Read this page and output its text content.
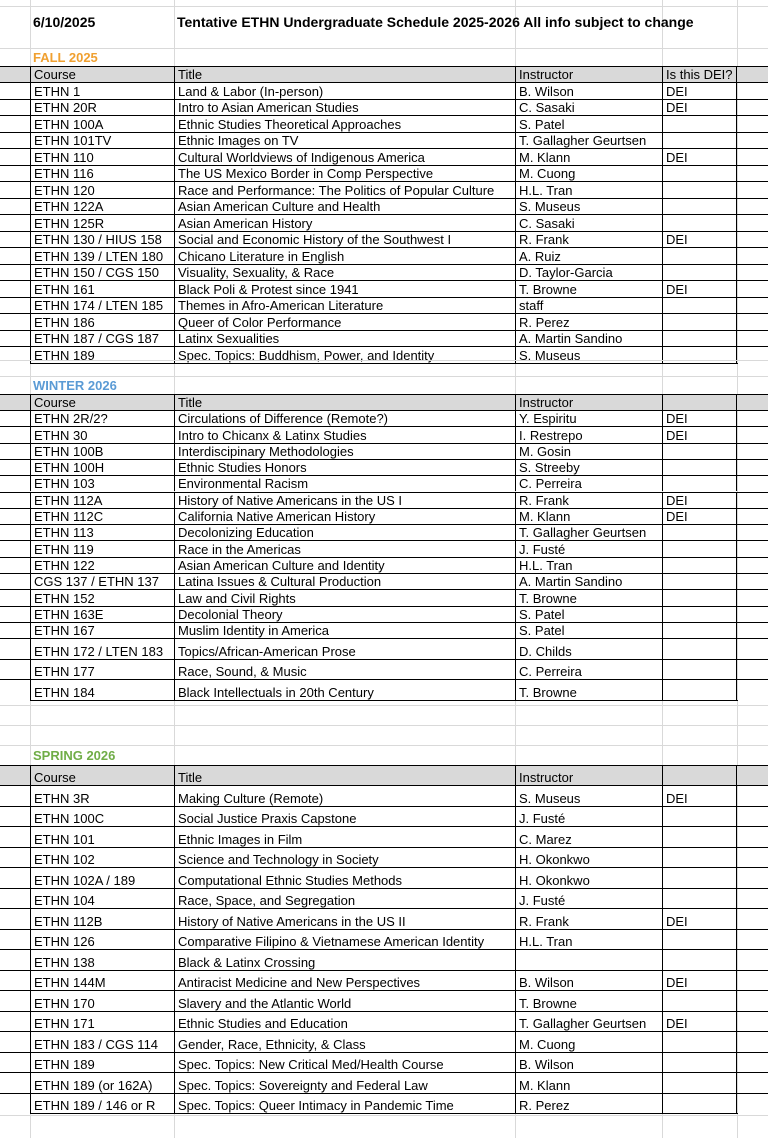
6/10/2025	Tentative ETHN Undergraduate Schedule 2025-2026 All info subject to change
FALL 2025
Course	Title	Instructor	Is this DEI?
ETHN 1	Land & Labor (In-person)	B. Wilson	DEI
ETHN 20R	Intro to Asian American Studies	C. Sasaki	DEI
ETHN 100A	Ethnic Studies Theoretical Approaches	S. Patel
ETHN 101TV	Ethnic Images on TV	T. Gallagher Geurtsen
ETHN 110	Cultural Worldviews of Indigenous America	M. Klann	DEI
ETHN 116	The US Mexico Border in Comp Perspective	M. Cuong
ETHN 120	Race and Performance: The Politics of Popular Culture	H.L. Tran
ETHN 122A	Asian American Culture and Health	S. Museus
ETHN 125R	Asian American History	C. Sasaki
ETHN 130 / HIUS 158	Social and Economic History of the Southwest I	R. Frank	DEI
ETHN 139 / LTEN 180	Chicano Literature in English	A. Ruiz
ETHN 150 / CGS 150	Visuality, Sexuality, & Race	D. Taylor-Garcia
ETHN 161	Black Poli & Protest since 1941	T. Browne	DEI
ETHN 174 / LTEN 185	Themes in Afro-American Literature	staff
ETHN 186	Queer of Color Performance	R. Perez
ETHN 187 / CGS 187	Latinx Sexualities	A. Martin Sandino
ETHN 189	Spec. Topics: Buddhism, Power, and Identity	S. Museus
WINTER 2026
Course	Title	Instructor
ETHN 2R/2?	Circulations of Difference (Remote?)	Y. Espiritu	DEI
ETHN 30	Intro to Chicanx & Latinx Studies	I. Restrepo	DEI
ETHN 100B	Interdiscipinary Methodologies	M. Gosin
ETHN 100H	Ethnic Studies Honors	S. Streeby
ETHN 103	Environmental Racism	C. Perreira
ETHN 112A	History of Native Americans in the US I	R. Frank	DEI
ETHN 112C	California Native American History	M. Klann	DEI
ETHN 113	Decolonizing Education	T. Gallagher Geurtsen
ETHN 119	Race in the Americas	J. Fusté
ETHN 122	Asian American Culture and Identity	H.L. Tran
CGS 137 / ETHN 137	Latina Issues & Cultural Production	A. Martin Sandino
ETHN 152	Law and Civil Rights	T. Browne
ETHN 163E	Decolonial Theory	S. Patel
ETHN 167	Muslim Identity in America	S. Patel
ETHN 172 / LTEN 183	Topics/African-American Prose	D. Childs
ETHN 177	Race, Sound, & Music	C. Perreira
ETHN 184	Black Intellectuals in 20th Century	T. Browne
SPRING 2026
Course	Title	Instructor
ETHN 3R	Making Culture (Remote)	S. Museus	DEI
ETHN 100C	Social Justice Praxis Capstone	J. Fusté
ETHN 101	Ethnic Images in Film	C. Marez
ETHN 102	Science and Technology in Society	H. Okonkwo
ETHN 102A / 189	Computational Ethnic Studies Methods	H. Okonkwo
ETHN 104	Race, Space, and Segregation	J. Fusté
ETHN 112B	History of Native Americans in the US II	R. Frank	DEI
ETHN 126	Comparative Filipino & Vietnamese American Identity	H.L. Tran
ETHN 138	Black & Latinx Crossing
ETHN 144M	Antiracist Medicine and New Perspectives	B. Wilson	DEI
ETHN 170	Slavery and the Atlantic World	T. Browne
ETHN 171	Ethnic Studies and Education	T. Gallagher Geurtsen	DEI
ETHN 183 / CGS 114	Gender, Race, Ethnicity, & Class	M. Cuong
ETHN 189	Spec. Topics: New Critical Med/Health Course	B. Wilson
ETHN 189 (or 162A)	Spec. Topics: Sovereignty and Federal Law	M. Klann
ETHN 189 / 146 or R	Spec. Topics: Queer Intimacy in Pandemic Time	R. Perez
